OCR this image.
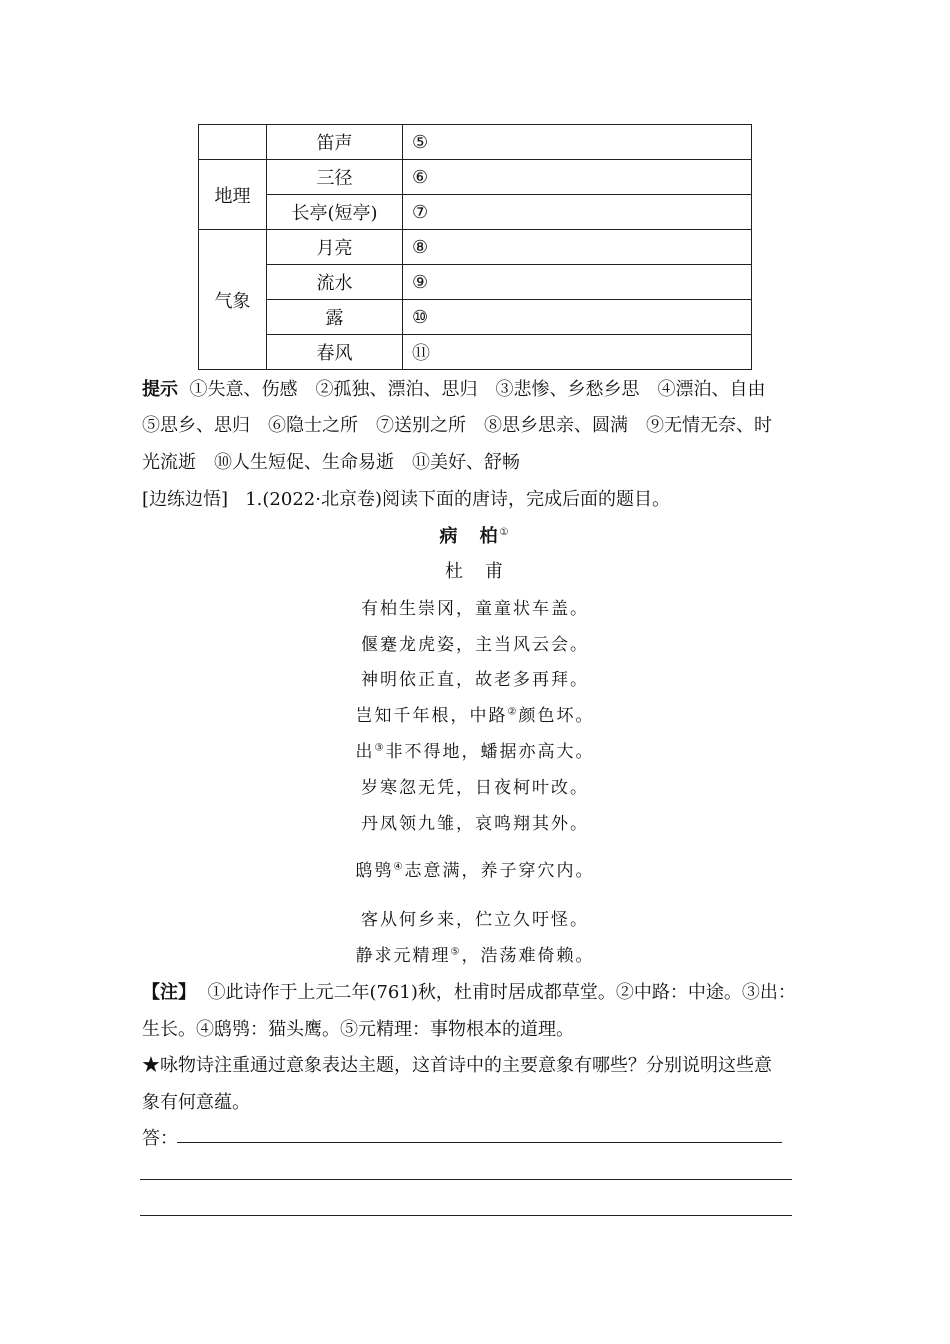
	笛声	⑤
地理	三径	⑥
	长亭(短亭)	⑦
气象	月亮	⑧
	流水	⑨
	露	⑩
	春风	⑪
提示 ①失意、伤感　②孤独、漂泊、思归　③悲惨、乡愁乡思　④漂泊、自由
⑤思乡、思归　⑥隐士之所　⑦送别之所　⑧思乡思亲、圆满　⑨无情无奈、时
光流逝　⑩人生短促、生命易逝　⑪美好、舒畅
[边练边悟] 1.(2022·北京卷)阅读下面的唐诗，完成后面的题目。
病　柏①
杜　甫
有柏生崇冈，童童状车盖。
偃蹇龙虎姿，主当风云会。
神明依正直，故老多再拜。
岂知千年根，中路②颜色坏。
出③非不得地，蟠据亦高大。
岁寒忽无凭，日夜柯叶改。
丹凤领九雏，哀鸣翔其外。
鸱鸮④志意满，养子穿穴内。
客从何乡来，伫立久吁怪。
静求元精理⑤，浩荡难倚赖。
【注】 ①此诗作于上元二年(761)秋，杜甫时居成都草堂。②中路：中途。③出：
生长。④鸱鸮：猫头鹰。⑤元精理：事物根本的道理。
★咏物诗注重通过意象表达主题，这首诗中的主要意象有哪些？分别说明这些意
象有何意蕴。
答：
